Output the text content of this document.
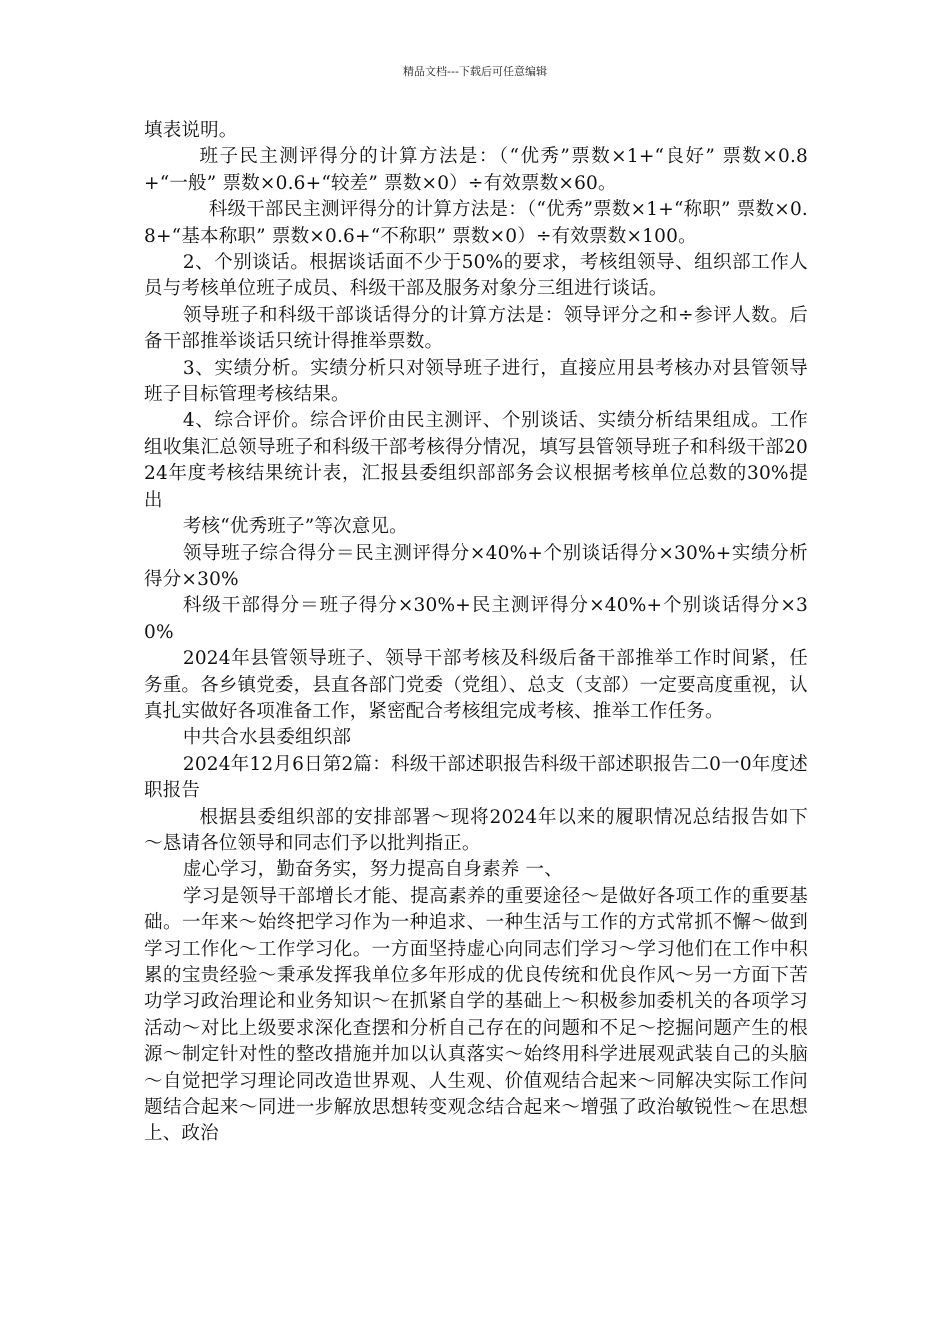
精品文档---下载后可任意编辑

填表说明。

班子民主测评得分的计算方法是：（“优秀”票数×1+“良好” 票数×0.8+“一般” 票数×0.6+“较差” 票数×0）÷有效票数×60。

科级干部民主测评得分的计算方法是：（“优秀”票数×1+“称职” 票数×0.8+“基本称职” 票数×0.6+“不称职” 票数×0）÷有效票数×100。

2、个别谈话。根据谈话面不少于50%的要求，考核组领导、组织部工作人员与考核单位班子成员、科级干部及服务对象分三组进行谈话。

领导班子和科级干部谈话得分的计算方法是：领导评分之和÷参评人数。后备干部推举谈话只统计得推举票数。

3、实绩分析。实绩分析只对领导班子进行，直接应用县考核办对县管领导班子目标管理考核结果。

4、综合评价。综合评价由民主测评、个别谈话、实绩分析结果组成。工作组收集汇总领导班子和科级干部考核得分情况，填写县管领导班子和科级干部2024年度考核结果统计表，汇报县委组织部部务会议根据考核单位总数的30%提出

考核“优秀班子”等次意见。

领导班子综合得分＝民主测评得分×40%+个别谈话得分×30%+实绩分析得分×30%

科级干部得分＝班子得分×30%+民主测评得分×40%+个别谈话得分×30%

2024年县管领导班子、领导干部考核及科级后备干部推举工作时间紧，任务重。各乡镇党委，县直各部门党委（党组）、总支（支部）一定要高度重视，认真扎实做好各项准备工作，紧密配合考核组完成考核、推举工作任务。

中共合水县委组织部

2024年12月6日第2篇：科级干部述职报告科级干部述职报告二0一0年度述职报告

根据县委组织部的安排部署～现将2024年以来的履职情况总结报告如下～恳请各位领导和同志们予以批判指正。

虚心学习，勤奋务实，努力提高自身素养 一、

学习是领导干部增长才能、提高素养的重要途径～是做好各项工作的重要基础。一年来～始终把学习作为一种追求、一种生活与工作的方式常抓不懈～做到学习工作化～工作学习化。一方面坚持虚心向同志们学习～学习他们在工作中积累的宝贵经验～秉承发挥我单位多年形成的优良传统和优良作风～另一方面下苦功学习政治理论和业务知识～在抓紧自学的基础上～积极参加委机关的各项学习活动～对比上级要求深化查摆和分析自己存在的问题和不足～挖掘问题产生的根源～制定针对性的整改措施并加以认真落实～始终用科学进展观武装自己的头脑～自觉把学习理论同改造世界观、人生观、价值观结合起来～同解决实际工作问题结合起来～同进一步解放思想转变观念结合起来～增强了政治敏锐性～在思想上、政治
